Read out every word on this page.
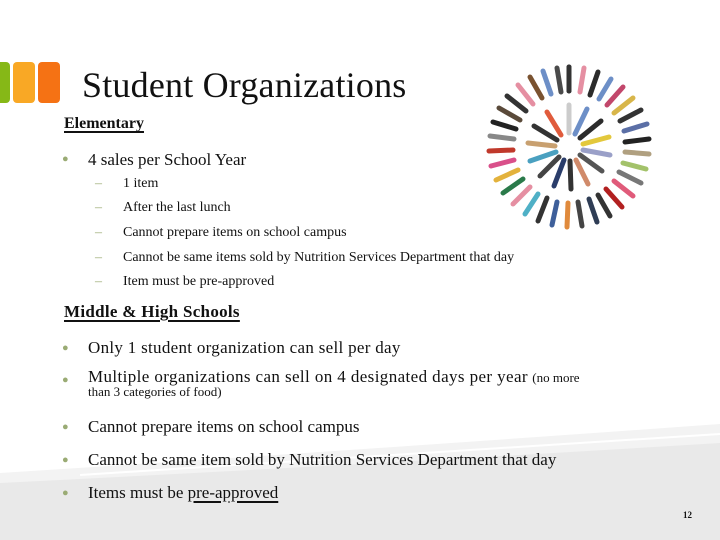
Student Organizations
Elementary
● 4 sales per School Year
– 1 item
– After the last lunch
– Cannot prepare items on school campus
– Cannot be same items sold by Nutrition Services Department that day
– Item must be pre-approved
Middle & High Schools
● Only 1 student organization can sell per day
● Multiple organizations can sell on 4 designated days per year (no more
than 3 categories of food)
● Cannot prepare items on school campus
● Cannot be same item sold by Nutrition Services Department that day
● Items must be pre-approved
12
